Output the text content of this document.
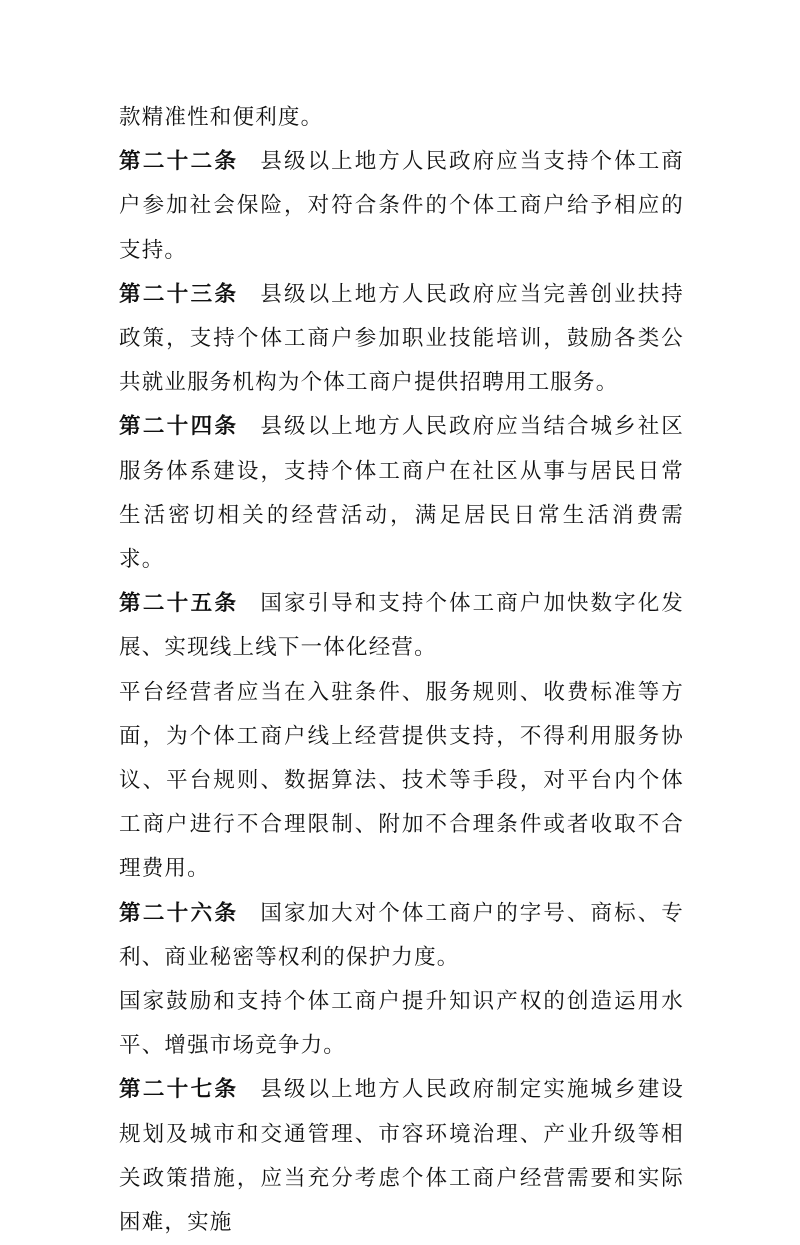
款精准性和便利度。

第二十二条 县级以上地方人民政府应当支持个体工商户参加社会保险，对符合条件的个体工商户给予相应的支持。

第二十三条 县级以上地方人民政府应当完善创业扶持政策，支持个体工商户参加职业技能培训，鼓励各类公共就业服务机构为个体工商户提供招聘用工服务。

第二十四条 县级以上地方人民政府应当结合城乡社区服务体系建设，支持个体工商户在社区从事与居民日常生活密切相关的经营活动，满足居民日常生活消费需求。

第二十五条 国家引导和支持个体工商户加快数字化发展、实现线上线下一体化经营。

平台经营者应当在入驻条件、服务规则、收费标准等方面，为个体工商户线上经营提供支持，不得利用服务协议、平台规则、数据算法、技术等手段，对平台内个体工商户进行不合理限制、附加不合理条件或者收取不合理费用。

第二十六条 国家加大对个体工商户的字号、商标、专利、商业秘密等权利的保护力度。

国家鼓励和支持个体工商户提升知识产权的创造运用水平、增强市场竞争力。

第二十七条 县级以上地方人民政府制定实施城乡建设规划及城市和交通管理、市容环境治理、产业升级等相关政策措施，应当充分考虑个体工商户经营需要和实际困难，实施
